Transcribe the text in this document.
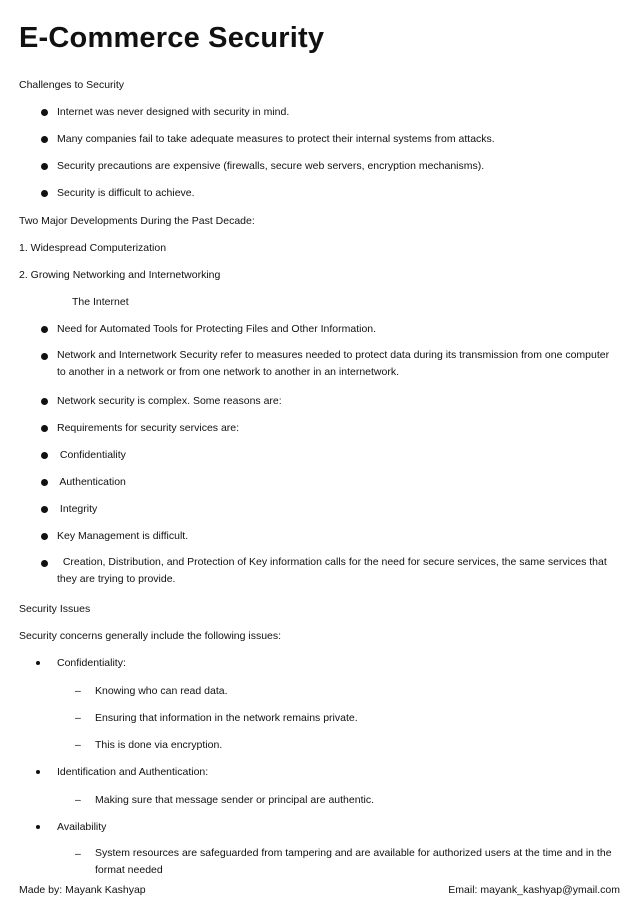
E-Commerce Security
Challenges to Security
Internet was never designed with security in mind.
Many companies fail to take adequate measures to protect their internal systems from attacks.
Security precautions are expensive (firewalls, secure web servers, encryption mechanisms).
Security is difficult to achieve.
Two Major Developments During the Past Decade:
1. Widespread Computerization
2. Growing Networking and Internetworking
The Internet
Need for Automated Tools for Protecting Files and Other Information.
Network and Internetwork Security refer to measures needed to protect data during its transmission from one computer to another in a network or from one network to another in an internetwork.
Network security is complex. Some reasons are:
Requirements for security services are:
Confidentiality
Authentication
Integrity
Key Management is difficult.
Creation, Distribution, and Protection of Key information calls for the need for secure services, the same services that they are trying to provide.
Security Issues
Security concerns generally include the following issues:
Confidentiality:
– Knowing who can read data.
– Ensuring that information in the network remains private.
– This is done via encryption.
Identification and Authentication:
– Making sure that message sender or principal are authentic.
Availability
– System resources are safeguarded from tampering and are available for authorized users at the time and in the format needed
Made by: Mayank Kashyap	Email: mayank_kashyap@ymail.com
